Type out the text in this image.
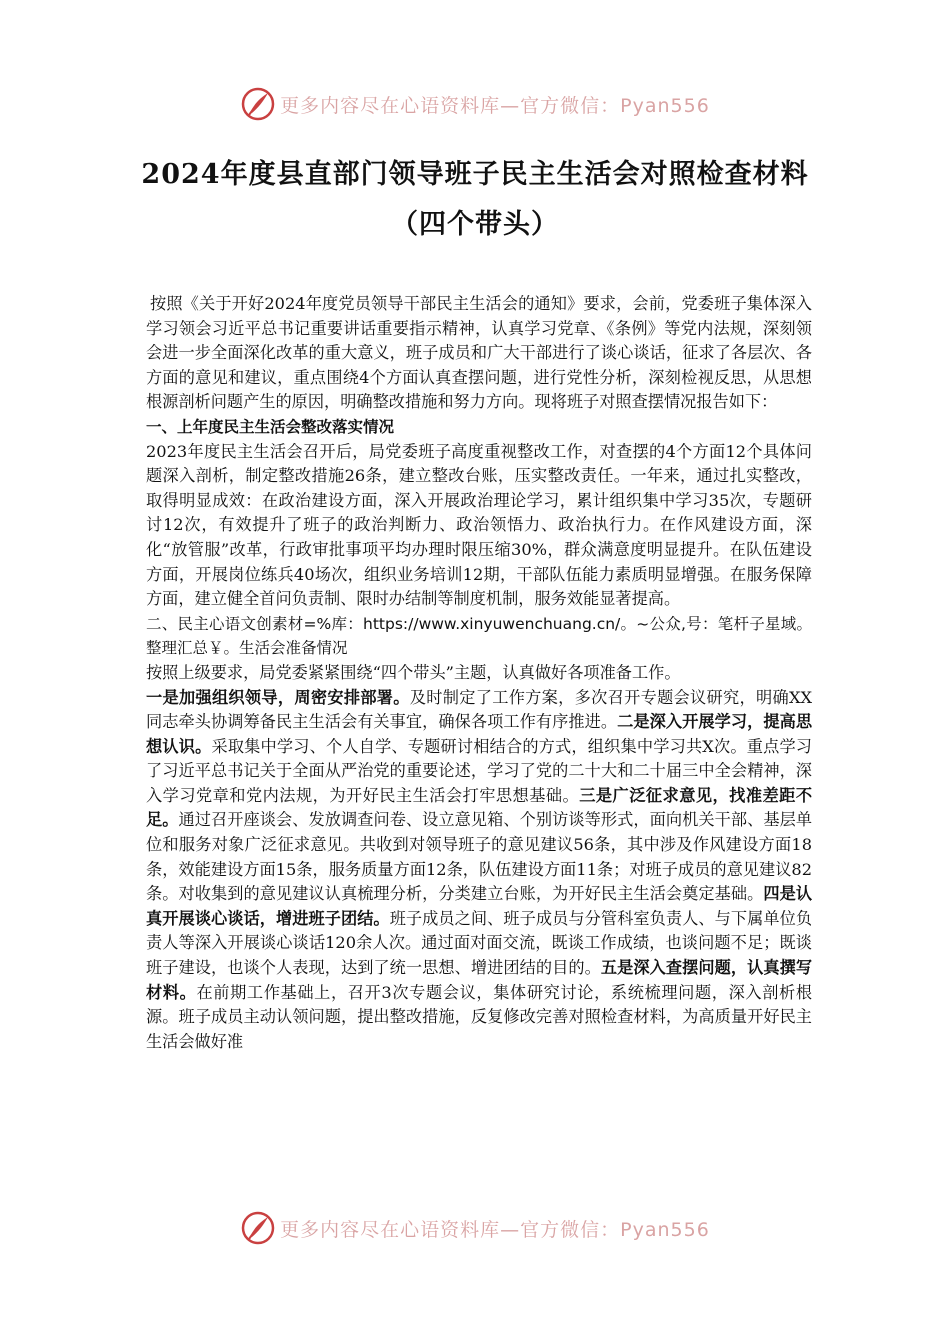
更多内容尽在心语资料库—官方微信：Pyan556
2024年度县直部门领导班子民主生活会对照检查材料（四个带头）

按照《关于开好2024年度党员领导干部民主生活会的通知》要求，会前，党委班子集体深入学习领会习近平总书记重要讲话重要指示精神，认真学习党章、《条例》等党内法规，深刻领会进一步全面深化改革的重大意义，班子成员和广大干部进行了谈心谈话，征求了各层次、各方面的意见和建议，重点围绕4个方面认真查摆问题，进行党性分析，深刻检视反思，从思想根源剖析问题产生的原因，明确整改措施和努力方向。现将班子对照查摆情况报告如下：

一、上年度民主生活会整改落实情况

2023年度民主生活会召开后，局党委班子高度重视整改工作，对查摆的4个方面12个具体问题深入剖析，制定整改措施26条，建立整改台账，压实整改责任。一年来，通过扎实整改，取得明显成效：在政治建设方面，深入开展政治理论学习，累计组织集中学习35次，专题研讨12次，有效提升了班子的政治判断力、政治领悟力、政治执行力。在作风建设方面，深化“放管服”改革，行政审批事项平均办理时限压缩30%，群众满意度明显提升。在队伍建设方面，开展岗位练兵40场次，组织业务培训12期，干部队伍能力素质明显增强。在服务保障方面，建立健全首问负责制、限时办结制等制度机制，服务效能显著提高。

二、民主心语文创素材=%库：https://www.xinyuwenchuang.cn/。~公众,号：笔杆子星域。整理汇总￥。生活会准备情况

按照上级要求，局党委紧紧围绕“四个带头”主题，认真做好各项准备工作。

一是加强组织领导，周密安排部署。及时制定了工作方案，多次召开专题会议研究，明确XX同志牵头协调筹备民主生活会有关事宜，确保各项工作有序推进。二是深入开展学习，提高思想认识。采取集中学习、个人自学、专题研讨相结合的方式，组织集中学习共X次。重点学习了习近平总书记关于全面从严治党的重要论述，学习了党的二十大和二十届三中全会精神，深入学习党章和党内法规，为开好民主生活会打牢思想基础。三是广泛征求意见，找准差距不足。通过召开座谈会、发放调查问卷、设立意见箱、个别访谈等形式，面向机关干部、基层单位和服务对象广泛征求意见。共收到对领导班子的意见建议56条，其中涉及作风建设方面18条，效能建设方面15条，服务质量方面12条，队伍建设方面11条；对班子成员的意见建议82条。对收集到的意见建议认真梳理分析，分类建立台账，为开好民主生活会奠定基础。四是认真开展谈心谈话，增进班子团结。班子成员之间、班子成员与分管科室负责人、与下属单位负责人等深入开展谈心谈话120余人次。通过面对面交流，既谈工作成绩，也谈问题不足；既谈班子建设，也谈个人表现，达到了统一思想、增进团结的目的。五是深入查摆问题，认真撰写材料。在前期工作基础上，召开3次专题会议，集体研究讨论，系统梳理问题，深入剖析根源。班子成员主动认领问题，提出整改措施，反复修改完善对照检查材料，为高质量开好民主生活会做好准

更多内容尽在心语资料库—官方微信：Pyan556
